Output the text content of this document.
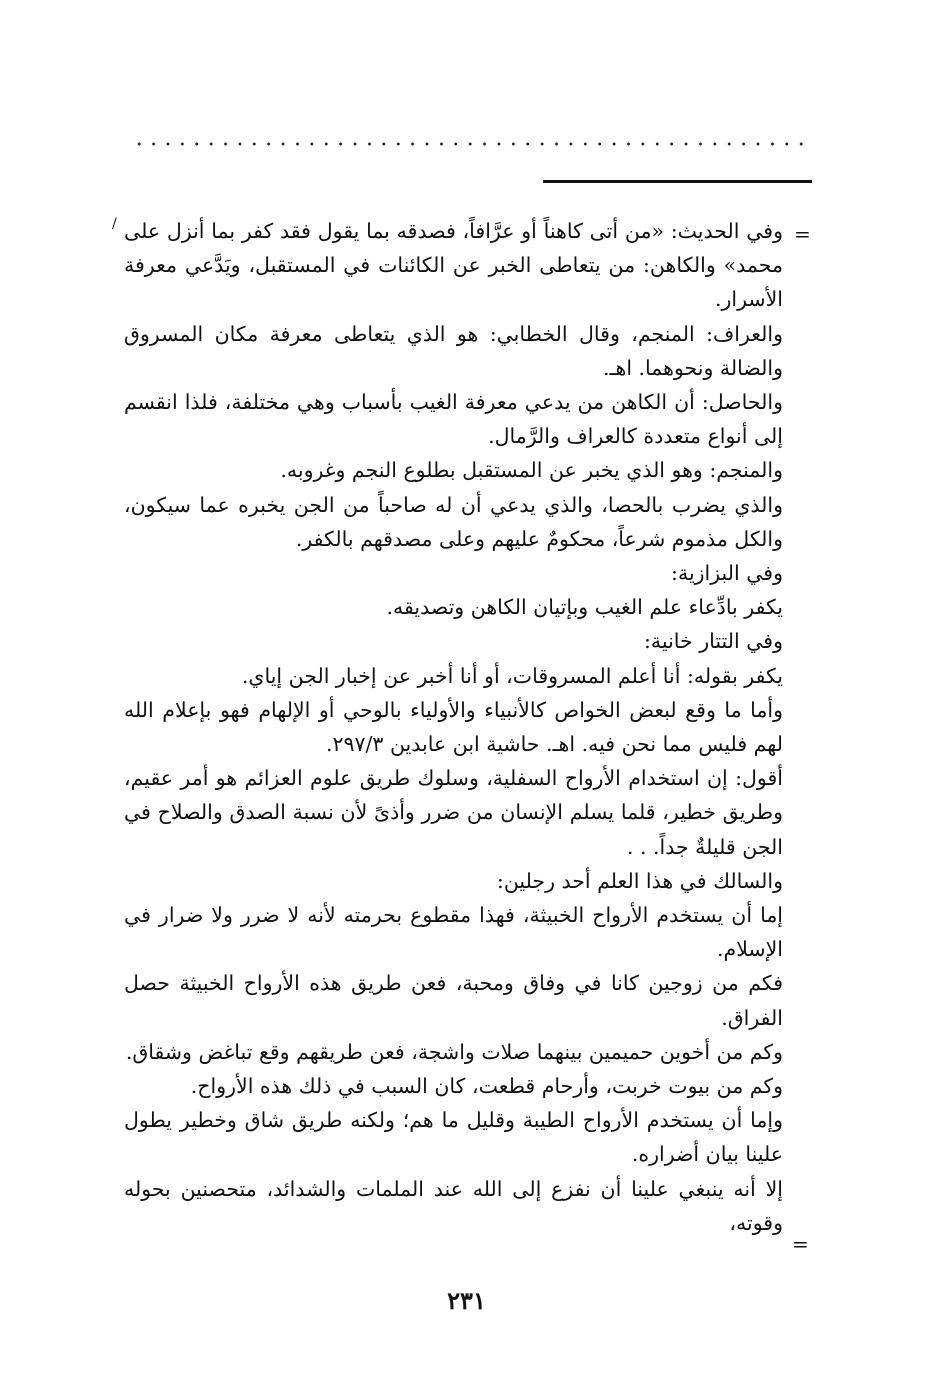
=
/
=

وفي الحديث: «من أتى كاهناً أو عرَّافاً، فصدقه بما يقول فقد كفر بما أنزل على محمد» والكاهن: من يتعاطى الخبر عن الكائنات في المستقبل، ويَدَّعي معرفة الأسرار.

والعراف: المنجم، وقال الخطابي: هو الذي يتعاطى معرفة مكان المسروق والضالة ونحوهما. اهـ.

والحاصل: أن الكاهن من يدعي معرفة الغيب بأسباب وهي مختلفة، فلذا انقسم إلى أنواع متعددة كالعراف والرَّمال.

والمنجم: وهو الذي يخبر عن المستقبل بطلوع النجم وغروبه.

والذي يضرب بالحصا، والذي يدعي أن له صاحباً من الجن يخبره عما سيكون، والكل مذموم شرعاً، محكومٌ عليهم وعلى مصدقهم بالكفر.

وفي البزازية:

يكفر بادِّعاء علم الغيب وبإتيان الكاهن وتصديقه.

وفي التتار خانية:

يكفر بقوله: أنا أعلم المسروقات، أو أنا أخبر عن إخبار الجن إياي.

وأما ما وقع لبعض الخواص كالأنبياء والأولياء بالوحي أو الإلهام فهو بإعلام الله لهم فليس مما نحن فيه. اهـ. حاشية ابن عابدين ٢٩٧/٣.

أقول: إن استخدام الأرواح السفلية، وسلوك طريق علوم العزائم هو أمر عقيم، وطريق خطير، قلما يسلم الإنسان من ضرر وأذىً لأن نسبة الصدق والصلاح في الجن قليلةٌ جداً. . .

والسالك في هذا العلم أحد رجلين:

إما أن يستخدم الأرواح الخبيثة، فهذا مقطوع بحرمته لأنه لا ضرر ولا ضرار في الإسلام.

فكم من زوجين كانا في وفاق ومحبة، فعن طريق هذه الأرواح الخبيثة حصل الفراق.

وكم من أخوين حميمين بينهما صلات واشجة، فعن طريقهم وقع تباغض وشقاق.

وكم من بيوت خربت، وأرحام قطعت، كان السبب في ذلك هذه الأرواح.

وإما أن يستخدم الأرواح الطيبة وقليل ما هم؛ ولكنه طريق شاق وخطير يطول علينا بيان أضراره.

إلا أنه ينبغي علينا أن نفزع إلى الله عند الملمات والشدائد، متحصنين بحوله وقوته،

٢٣١
